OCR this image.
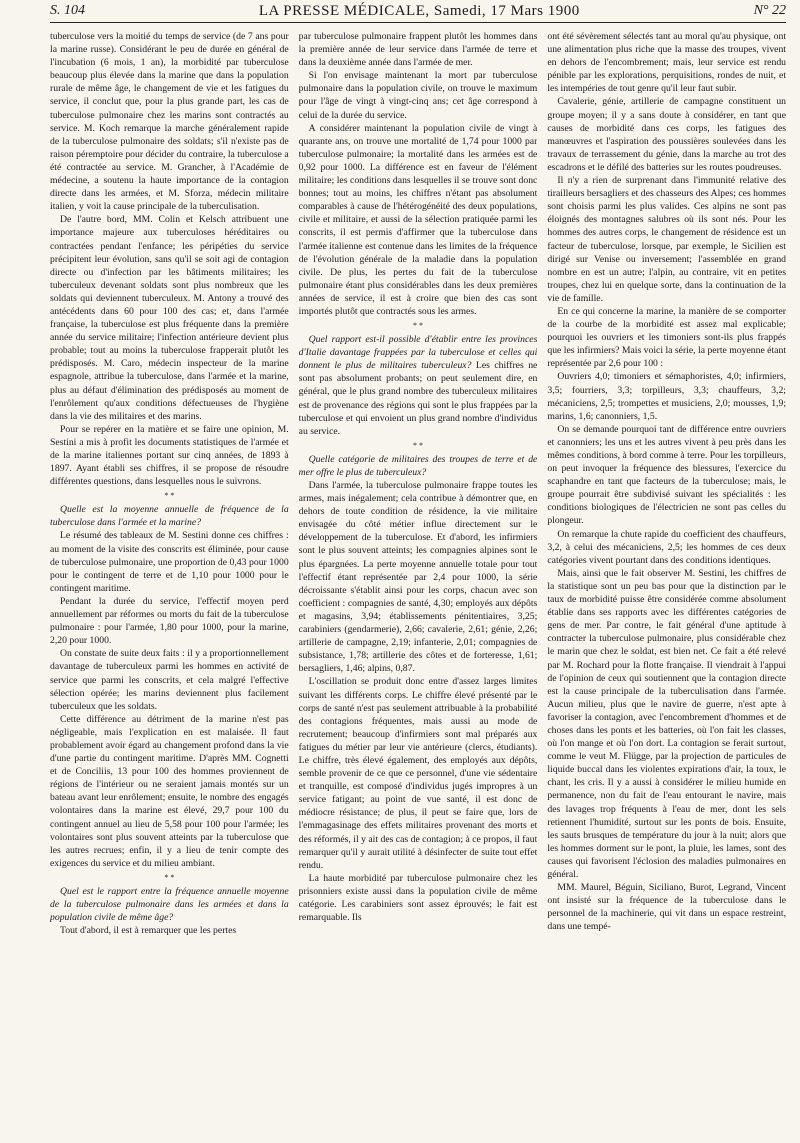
S. 104	LA PRESSE MÉDICALE, Samedi, 17 Mars 1900	N° 22

tuberculose vers la moitié du temps de service (de 7 ans pour la marine russe). Considérant le peu de durée en général de l'incubation (6 mois, 1 an), la morbidité par tuberculose beaucoup plus élevée dans la marine que dans la population rurale de même âge, le changement de vie et les fatigues du service, il conclut que, pour la plus grande part, les cas de tuberculose pulmonaire chez les marins sont contractés au service. M. Koch remarque la marche généralement rapide de la tuberculose pulmonaire des soldats; s'il n'existe pas de raison péremptoire pour décider du contraire, la tuberculose a été contractée au service. M. Grancher, à l'Académie de médecine, a soutenu la haute importance de la contagion directe dans les armées, et M. Sforza, médecin militaire italien, y voit la cause principale de la tuberculisation.

De l'autre bord, MM. Colin et Kelsch attribuent une importance majeure aux tuberculoses héréditaires ou contractées pendant l'enfance; les péripéties du service précipitent leur évolution, sans qu'il se soit agi de contagion directe ou d'infection par les bâtiments militaires; les tuberculeux devenant soldats sont plus nombreux que les soldats qui deviennent tuberculeux. M. Antony a trouvé des antécédents dans 60 pour 100 des cas; et, dans l'armée française, la tuberculose est plus fréquente dans la première année du service militaire; l'infection antérieure devient plus probable; tout au moins la tuberculose frapperait plutôt les prédisposés. M. Caro, médecin inspecteur de la marine espagnole, attribue la tuberculose, dans l'armée et la marine, plus au défaut d'élimination des prédisposés au moment de l'enrôlement qu'aux conditions défectueuses de l'hygiène dans la vie des militaires et des marins.

Pour se repérer en la matière et se faire une opinion, M. Sestini a mis à profit les documents statistiques de l'armée et de la marine italiennes portant sur cinq années, de 1893 à 1897. Ayant établi ses chiffres, il se propose de résoudre différentes questions, dans lesquelles nous le suivrons.

* *

Quelle est la moyenne annuelle de fréquence de la tuberculose dans l'armée et la marine?

Le résumé des tableaux de M. Sestini donne ces chiffres : au moment de la visite des conscrits est éliminée, pour cause de tuberculose pulmonaire, une proportion de 0,43 pour 1000 pour le contingent de terre et de 1,10 pour 1000 pour le contingent maritime.

Pendant la durée du service, l'effectif moyen perd annuellement par réformes ou morts du fait de la tuberculose pulmonaire : pour l'armée, 1,80 pour 1000, pour la marine, 2,20 pour 1000.

On constate de suite deux faits : il y a proportionnellement davantage de tuberculeux parmi les hommes en activité de service que parmi les conscrits, et cela malgré l'effective sélection opérée; les marins deviennent plus facilement tuberculeux que les soldats.

Cette différence au détriment de la marine n'est pas négligeable, mais l'explication en est malaisée. Il faut probablement avoir égard au changement profond dans la vie d'une partie du contingent maritime. D'après MM. Cognetti et de Conciliis, 13 pour 100 des hommes proviennent de régions de l'intérieur ou ne seraient jamais montés sur un bateau avant leur enrôlement; ensuite, le nombre des engagés volontaires dans la marine est élevé, 29,7 pour 100 du contingent annuel au lieu de 5,58 pour 100 pour l'armée; les volontaires sont plus souvent atteints par la tuberculose que les autres recrues; enfin, il y a lieu de tenir compte des exigences du service et du milieu ambiant.

* *

Quel est le rapport entre la fréquence annuelle moyenne de la tuberculose pulmonaire dans les armées et dans la population civile de même âge?

Tout d'abord, il est à remarquer que les pertes

par tuberculose pulmonaire frappent plutôt les hommes dans la première année de leur service dans l'armée de terre et dans la deuxième année dans l'armée de mer.

Si l'on envisage maintenant la mort par tuberculose pulmonaire dans la population civile, on trouve le maximum pour l'âge de vingt à vingt-cinq ans; cet âge correspond à celui de la durée du service.

A considérer maintenant la population civile de vingt à quarante ans, on trouve une mortalité de 1,74 pour 1000 par tuberculose pulmonaire; la mortalité dans les armées est de 0,92 pour 1000. La différence est en faveur de l'élément militaire; les conditions dans lesquelles il se trouve sont donc bonnes; tout au moins, les chiffres n'étant pas absolument comparables à cause de l'hétérogénéité des deux populations, civile et militaire, et aussi de la sélection pratiquée parmi les conscrits, il est permis d'affirmer que la tuberculose dans l'armée italienne est contenue dans les limites de la fréquence de l'évolution générale de la maladie dans la population civile. De plus, les pertes du fait de la tuberculose pulmonaire étant plus considérables dans les deux premières années de service, il est à croire que bien des cas sont importés plutôt que contractés sous les armes.

* *

Quel rapport est-il possible d'établir entre les provinces d'Italie davantage frappées par la tuberculose et celles qui donnent le plus de militaires tuberculeux? Les chiffres ne sont pas absolument probants; on peut seulement dire, en général, que le plus grand nombre des tuberculeux militaires est de provenance des régions qui sont le plus frappées par la tuberculose et qui envoient un plus grand nombre d'individus au service.

* *

Quelle catégorie de militaires des troupes de terre et de mer offre le plus de tuberculeux?

Dans l'armée, la tuberculose pulmonaire frappe toutes les armes, mais inégalement; cela contribue à démontrer que, en dehors de toute condition de résidence, la vie militaire envisagée du côté métier influe directement sur le développement de la tuberculose. Et d'abord, les infirmiers sont le plus souvent atteints; les compagnies alpines sont le plus épargnées. La perte moyenne annuelle totale pour tout l'effectif étant représentée par 2,4 pour 1000, la série décroissante s'établit ainsi pour les corps, chacun avec son coefficient : compagnies de santé, 4,30; employés aux dépôts et magasins, 3,94; établissements pénitentiaires, 3,25; carabiniers (gendarmerie), 2,66; cavalerie, 2,61; génie, 2,26; artillerie de campagne, 2,19; infanterie, 2,01; compagnies de subsistance, 1,78; artillerie des côtes et de forteresse, 1,61; bersagliers, 1,46; alpins, 0,87.

L'oscillation se produit donc entre d'assez larges limites suivant les différents corps. Le chiffre élevé présenté par le corps de santé n'est pas seulement attribuable à la probabilité des contagions fréquentes, mais aussi au mode de recrutement; beaucoup d'infirmiers sont mal préparés aux fatigues du métier par leur vie antérieure (clercs, étudiants). Le chiffre, très élevé également, des employés aux dépôts, semble provenir de ce que ce personnel, d'une vie sédentaire et tranquille, est composé d'individus jugés impropres à un service fatigant; au point de vue santé, il est donc de médiocre résistance; de plus, il peut se faire que, lors de l'emmagasinage des effets militaires provenant des morts et des réformés, il y ait des cas de contagion; à ce propos, il faut remarquer qu'il y aurait utilité à désinfecter de suite tout effet rendu.

La haute morbidité par tuberculose pulmonaire chez les prisonniers existe aussi dans la population civile de même catégorie. Les carabiniers sont assez éprouvés; le fait est remarquable. Ils

ont été sévèrement sélectés tant au moral qu'au physique, ont une alimentation plus riche que la masse des troupes, vivent en dehors de l'encombrement; mais, leur service est rendu pénible par les explorations, perquisitions, rondes de nuit, et les intempéries de tout genre qu'il leur faut subir.

Cavalerie, génie, artillerie de campagne constituent un groupe moyen; il y a sans doute à considérer, en tant que causes de morbidité dans ces corps, les fatigues des manœuvres et l'aspiration des poussières soulevées dans les travaux de terrassement du génie, dans la marche au trot des escadrons et le défilé des batteries sur les routes poudreuses.

Il n'y a rien de surprenant dans l'immunité relative des tirailleurs bersagliers et des chasseurs des Alpes; ces hommes sont choisis parmi les plus valides. Ces alpins ne sont pas éloignés des montagnes salubres où ils sont nés. Pour les hommes des autres corps, le changement de résidence est un facteur de tuberculose, lorsque, par exemple, le Sicilien est dirigé sur Venise ou inversement; l'assemblée en grand nombre en est un autre; l'alpin, au contraire, vit en petites troupes, chez lui en quelque sorte, dans la continuation de la vie de famille.

En ce qui concerne la marine, la manière de se comporter de la courbe de la morbidité est assez mal explicable; pourquoi les ouvriers et les timoniers sont-ils plus frappés que les infirmiers? Mais voici la série, la perte moyenne étant représentée par 2,6 pour 100 :

Ouvriers 4,0; timoniers et sémaphoristes, 4,0; infirmiers, 3,5; fourriers, 3,3; torpilleurs, 3,3; chauffeurs, 3,2; mécaniciens, 2,5; trompettes et musiciens, 2,0; mousses, 1,9; marins, 1,6; canonniers, 1,5.

On se demande pourquoi tant de différence entre ouvriers et canonniers; les uns et les autres vivent à peu près dans les mêmes conditions, à bord comme à terre. Pour les torpilleurs, on peut invoquer la fréquence des blessures, l'exercice du scaphandre en tant que facteurs de la tuberculose; mais, le groupe pourrait être subdivisé suivant les spécialités : les conditions biologiques de l'électricien ne sont pas celles du plongeur.

On remarque la chute rapide du coefficient des chauffeurs, 3,2, à celui des mécaniciens, 2,5; les hommes de ces deux catégories vivent pourtant dans des conditions identiques.

Mais, ainsi que le fait observer M. Sestini, les chiffres de la statistique sont un peu bas pour que la distinction par le taux de morbidité puisse être considérée comme absolument établie dans ses rapports avec les différentes catégories de gens de mer. Par contre, le fait général d'une aptitude à contracter la tuberculose pulmonaire, plus considérable chez le marin que chez le soldat, est bien net. Ce fait a été relevé par M. Rochard pour la flotte française. Il viendrait à l'appui de l'opinion de ceux qui soutiennent que la contagion directe est la cause principale de la tuberculisation dans l'armée. Aucun milieu, plus que le navire de guerre, n'est apte à favoriser la contagion, avec l'encombrement d'hommes et de choses dans les ponts et les batteries, où l'on fait les classes, où l'on mange et où l'on dort. La contagion se ferait surtout, comme le veut M. Flügge, par la projection de particules de liquide buccal dans les violentes expirations d'air, la toux, le chant, les cris. Il y a aussi à considérer le milieu humide en permanence, non du fait de l'eau entourant le navire, mais des lavages trop fréquents à l'eau de mer, dont les sels retiennent l'humidité, surtout sur les ponts de bois. Ensuite, les sauts brusques de température du jour à la nuit; alors que les hommes dorment sur le pont, la pluie, les lames, sont des causes qui favorisent l'éclosion des maladies pulmonaires en général.

MM. Maurel, Béguin, Siciliano, Burot, Legrand, Vincent ont insisté sur la fréquence de la tuberculose dans le personnel de la machinerie, qui vit dans un espace restreint, dans une tempé-
